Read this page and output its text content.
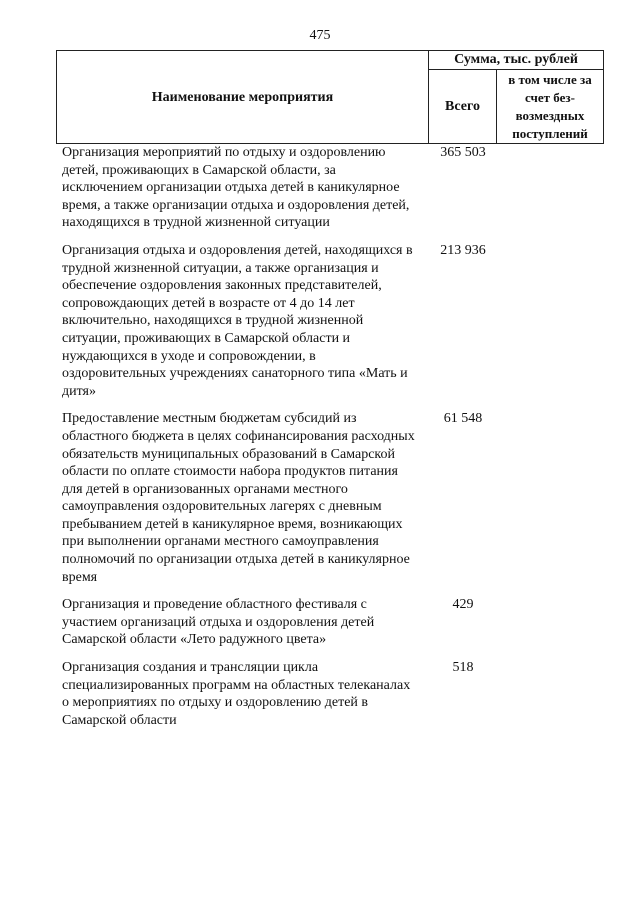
475
Наименование мероприятия
Сумма, тыс. рублей
Всего
в том числе за счет без-возмездных поступлений
Организация мероприятий по отдыху и оздоровлению детей, проживающих в Самарской области, за исключением организации отдыха детей в каникулярное время, а также организации отдыха и оздоровления детей, находящихся в трудной жизненной ситуации
365 503
Организация отдыха и оздоровления детей, находящихся в трудной жизненной ситуации, а также организация и обеспечение оздоровления законных представителей, сопровождающих детей в возрасте от 4 до 14 лет включительно, находящихся в трудной жизненной ситуации, проживающих в Самарской области и нуждающихся в уходе и сопровождении, в оздоровительных учреждениях санаторного типа «Мать и дитя»
213 936
Предоставление местным бюджетам субсидий из областного бюджета в целях софинансирования расходных обязательств муниципальных образований в Самарской области по оплате стоимости набора продуктов питания для детей в организованных органами местного самоуправления оздоровительных лагерях с дневным пребыванием детей в каникулярное время, возникающих при выполнении органами местного самоуправления полномочий по организации отдыха детей в каникулярное время
61 548
Организация и проведение областного фестиваля с участием организаций отдыха и оздоровления детей Самарской области «Лето радужного цвета»
429
Организация создания и трансляции цикла специализированных программ на областных телеканалах о мероприятиях по отдыху и оздоровлению детей в Самарской области
518
